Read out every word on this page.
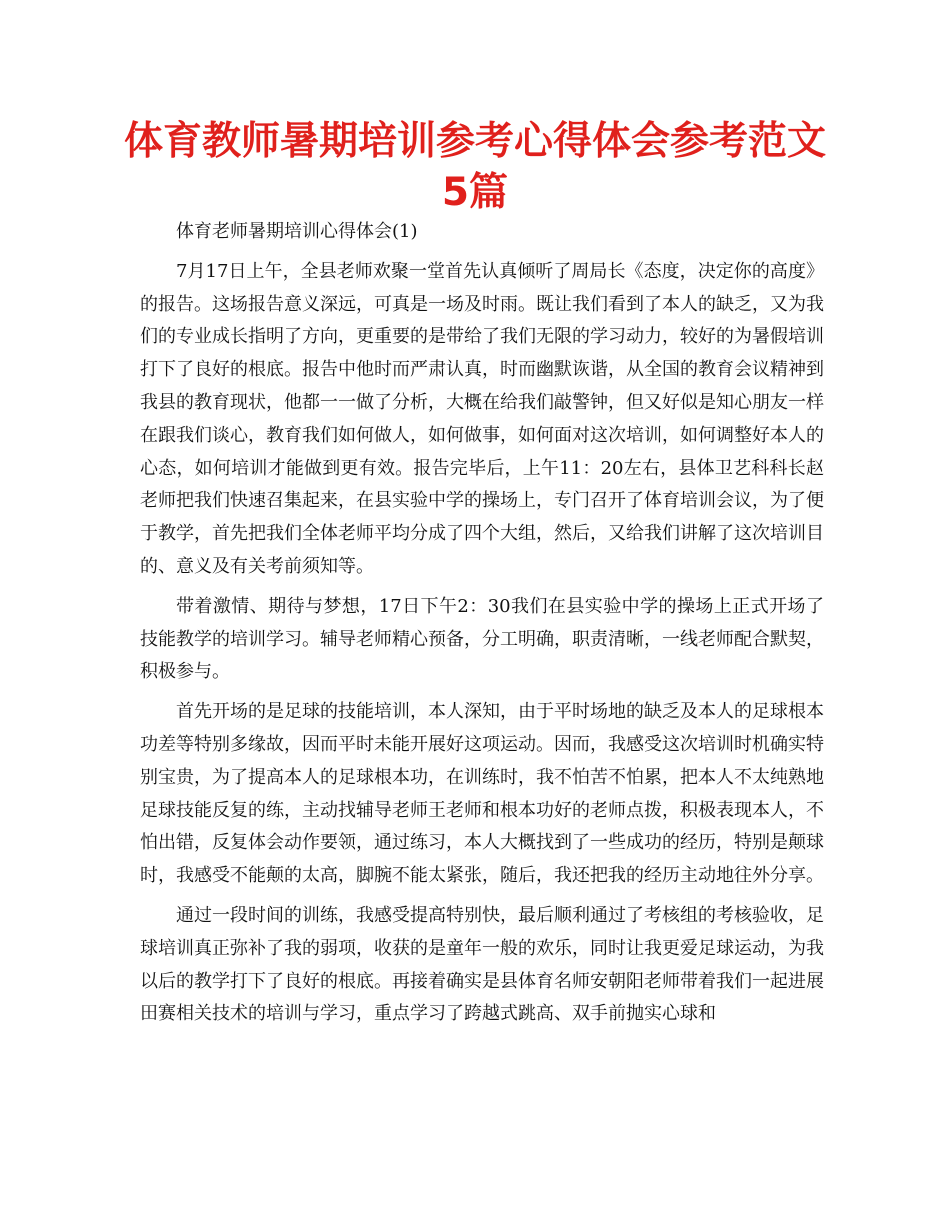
体育教师暑期培训参考心得体会参考范文5篇

体育老师暑期培训心得体会(1)

7月17日上午，全县老师欢聚一堂首先认真倾听了周局长《态度，决定你的高度》的报告。这场报告意义深远，可真是一场及时雨。既让我们看到了本人的缺乏，又为我们的专业成长指明了方向，更重要的是带给了我们无限的学习动力，较好的为暑假培训打下了良好的根底。报告中他时而严肃认真，时而幽默诙谐，从全国的教育会议精神到我县的教育现状，他都一一做了分析，大概在给我们敲警钟，但又好似是知心朋友一样在跟我们谈心，教育我们如何做人，如何做事，如何面对这次培训，如何调整好本人的心态，如何培训才能做到更有效。报告完毕后，上午11：20左右，县体卫艺科科长赵老师把我们快速召集起来，在县实验中学的操场上，专门召开了体育培训会议，为了便于教学，首先把我们全体老师平均分成了四个大组，然后，又给我们讲解了这次培训目的、意义及有关考前须知等。

带着激情、期待与梦想，17日下午2：30我们在县实验中学的操场上正式开场了技能教学的培训学习。辅导老师精心预备，分工明确，职责清晰，一线老师配合默契，积极参与。

首先开场的是足球的技能培训，本人深知，由于平时场地的缺乏及本人的足球根本功差等特别多缘故，因而平时未能开展好这项运动。因而，我感受这次培训时机确实特别宝贵，为了提高本人的足球根本功，在训练时，我不怕苦不怕累，把本人不太纯熟地足球技能反复的练，主动找辅导老师王老师和根本功好的老师点拨，积极表现本人，不怕出错，反复体会动作要领，通过练习，本人大概找到了一些成功的经历，特别是颠球时，我感受不能颠的太高，脚腕不能太紧张，随后，我还把我的经历主动地往外分享。

通过一段时间的训练，我感受提高特别快，最后顺利通过了考核组的考核验收，足球培训真正弥补了我的弱项，收获的是童年一般的欢乐，同时让我更爱足球运动，为我以后的教学打下了良好的根底。再接着确实是县体育名师安朝阳老师带着我们一起进展田赛相关技术的培训与学习，重点学习了跨越式跳高、双手前抛实心球和
